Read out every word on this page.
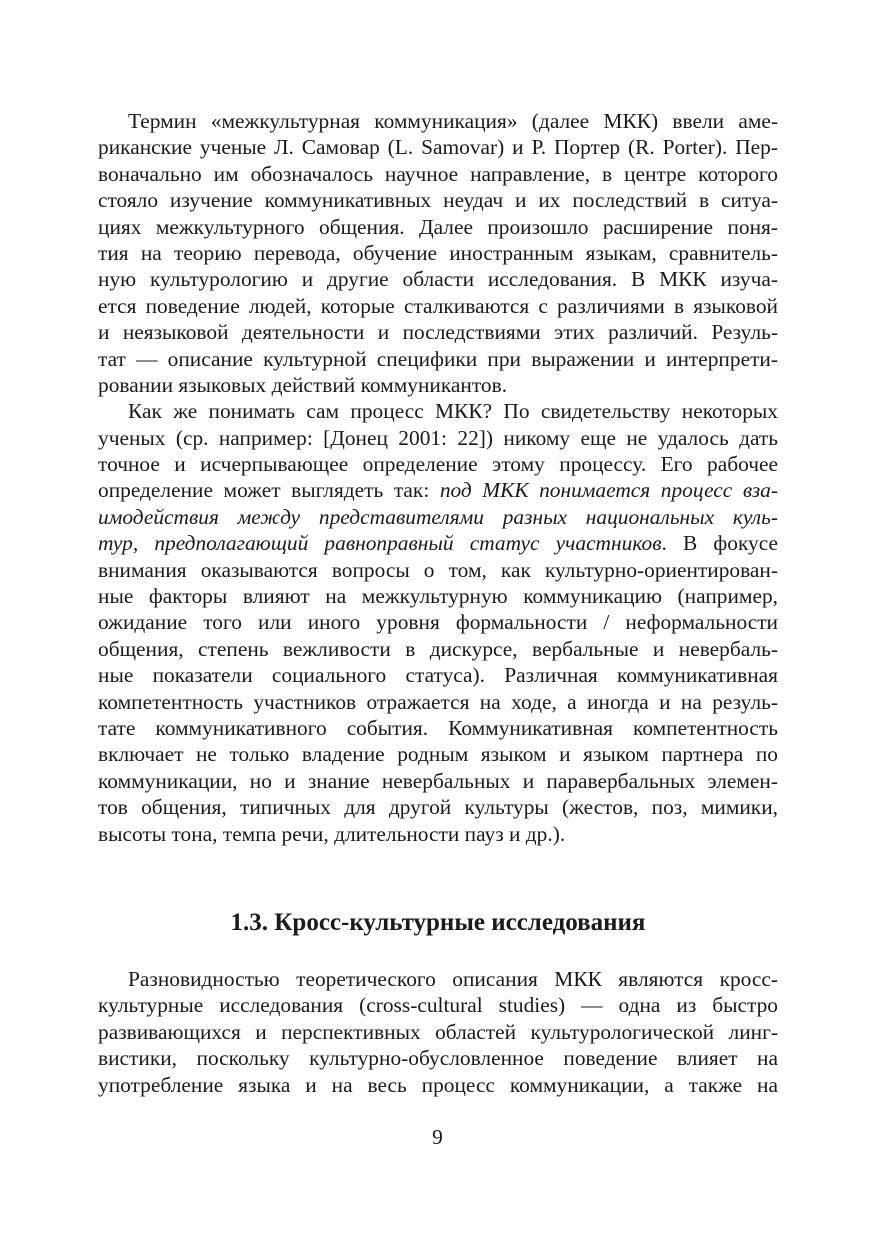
Термин «межкультурная коммуникация» (далее МКК) ввели аме-
риканские ученые Л. Самовар (L. Samovar) и Р. Портер (R. Porter). Пер-
воначально им обозначалось научное направление, в центре которого
стояло изучение коммуникативных неудач и их последствий в ситуа-
циях межкультурного общения. Далее произошло расширение поня-
тия на теорию перевода, обучение иностранным языкам, сравнитель-
ную культурологию и другие области исследования. В МКК изуча-
ется поведение людей, которые сталкиваются с различиями в языковой
и неязыковой деятельности и последствиями этих различий. Резуль-
тат — описание культурной специфики при выражении и интерпрети-
ровании языковых действий коммуникантов.

Как же понимать сам процесс МКК? По свидетельству некоторых
ученых (ср. например: [Донец 2001: 22]) никому еще не удалось дать
точное и исчерпывающее определение этому процессу. Его рабочее
определение может выглядеть так: под МКК понимается процесс вза-
имодействия между представителями разных национальных куль-
тур, предполагающий равноправный статус участников. В фокусе
внимания оказываются вопросы о том, как культурно-ориентирован-
ные факторы влияют на межкультурную коммуникацию (например,
ожидание того или иного уровня формальности / неформальности
общения, степень вежливости в дискурсе, вербальные и невербаль-
ные показатели социального статуса). Различная коммуникативная
компетентность участников отражается на ходе, а иногда и на резуль-
тате коммуникативного события. Коммуникативная компетентность
включает не только владение родным языком и языком партнера по
коммуникации, но и знание невербальных и паравербальных элемен-
тов общения, типичных для другой культуры (жестов, поз, мимики,
высоты тона, темпа речи, длительности пауз и др.).

1.3. Кросс-культурные исследования

Разновидностью теоретического описания МКК являются кросс-
культурные исследования (cross-cultural studies) — одна из быстро
развивающихся и перспективных областей культурологической линг-
вистики, поскольку культурно-обусловленное поведение влияет на
употребление языка и на весь процесс коммуникации, а также на

9
